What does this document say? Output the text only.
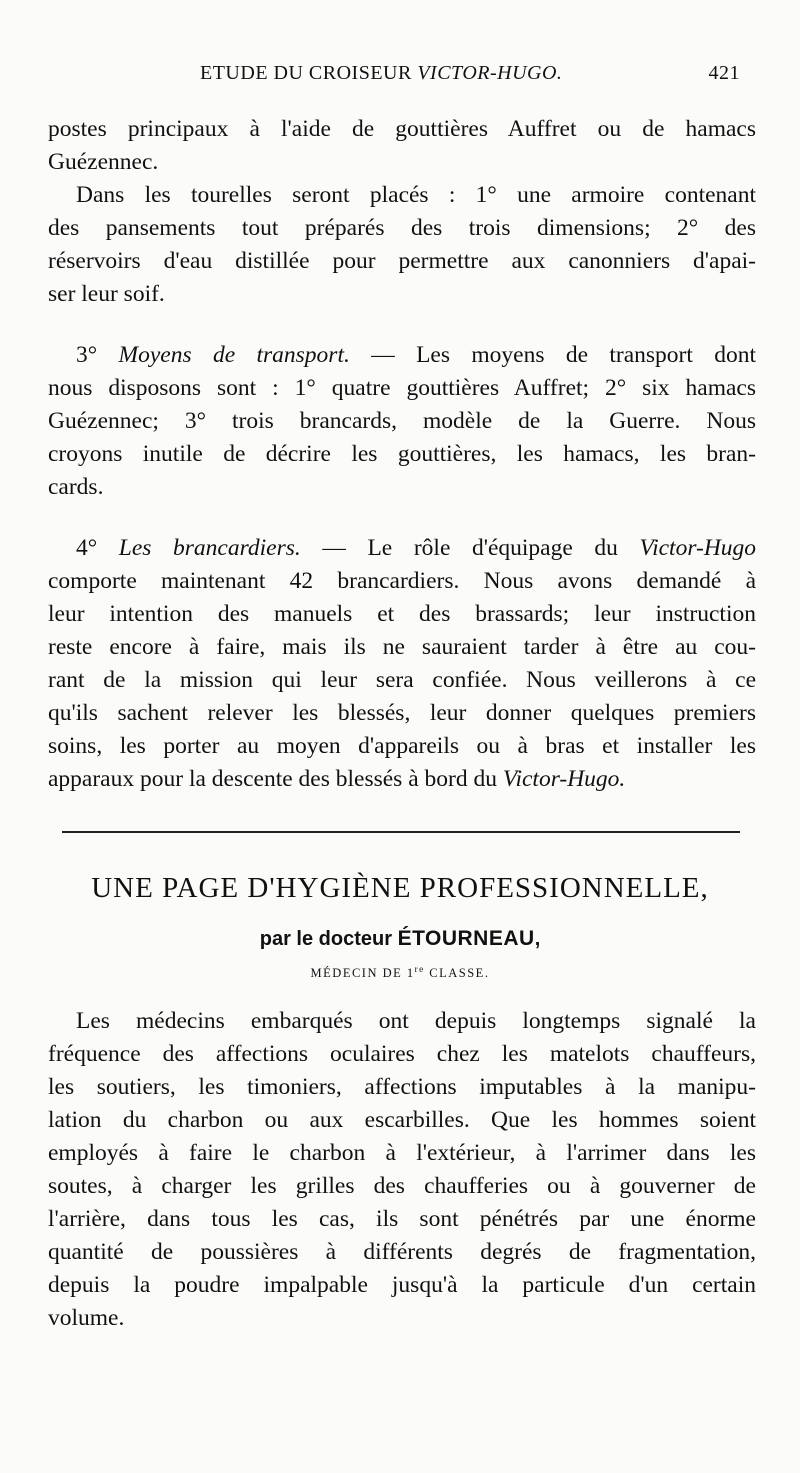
ETUDE DU CROISEUR VICTOR-HUGO.	421

postes principaux à l'aide de gouttières Auffret ou de hamacs
Guézennec.

Dans les tourelles seront placés : 1° une armoire contenant
des pansements tout préparés des trois dimensions; 2° des
réservoirs d'eau distillée pour permettre aux canonniers d'apai-
ser leur soif.

3° Moyens de transport. — Les moyens de transport dont
nous disposons sont : 1° quatre gouttières Auffret; 2° six hamacs
Guézennec; 3° trois brancards, modèle de la Guerre. Nous
croyons inutile de décrire les gouttières, les hamacs, les bran-
cards.

4° Les brancardiers. — Le rôle d'équipage du Victor-Hugo
comporte maintenant 42 brancardiers. Nous avons demandé à
leur intention des manuels et des brassards; leur instruction
reste encore à faire, mais ils ne sauraient tarder à être au cou-
rant de la mission qui leur sera confiée. Nous veillerons à ce
qu'ils sachent relever les blessés, leur donner quelques premiers
soins, les porter au moyen d'appareils ou à bras et installer les
apparaux pour la descente des blessés à bord du Victor-Hugo.

UNE PAGE D'HYGIÈNE PROFESSIONNELLE,
par le docteur ÉTOURNEAU,
MÉDECIN DE 1re CLASSE.

Les médecins embarqués ont depuis longtemps signalé la
fréquence des affections oculaires chez les matelots chauffeurs,
les soutiers, les timoniers, affections imputables à la manipu-
lation du charbon ou aux escarbilles. Que les hommes soient
employés à faire le charbon à l'extérieur, à l'arrimer dans les
soutes, à charger les grilles des chaufferies ou à gouverner de
l'arrière, dans tous les cas, ils sont pénétrés par une énorme
quantité de poussières à différents degrés de fragmentation,
depuis la poudre impalpable jusqu'à la particule d'un certain
volume.
